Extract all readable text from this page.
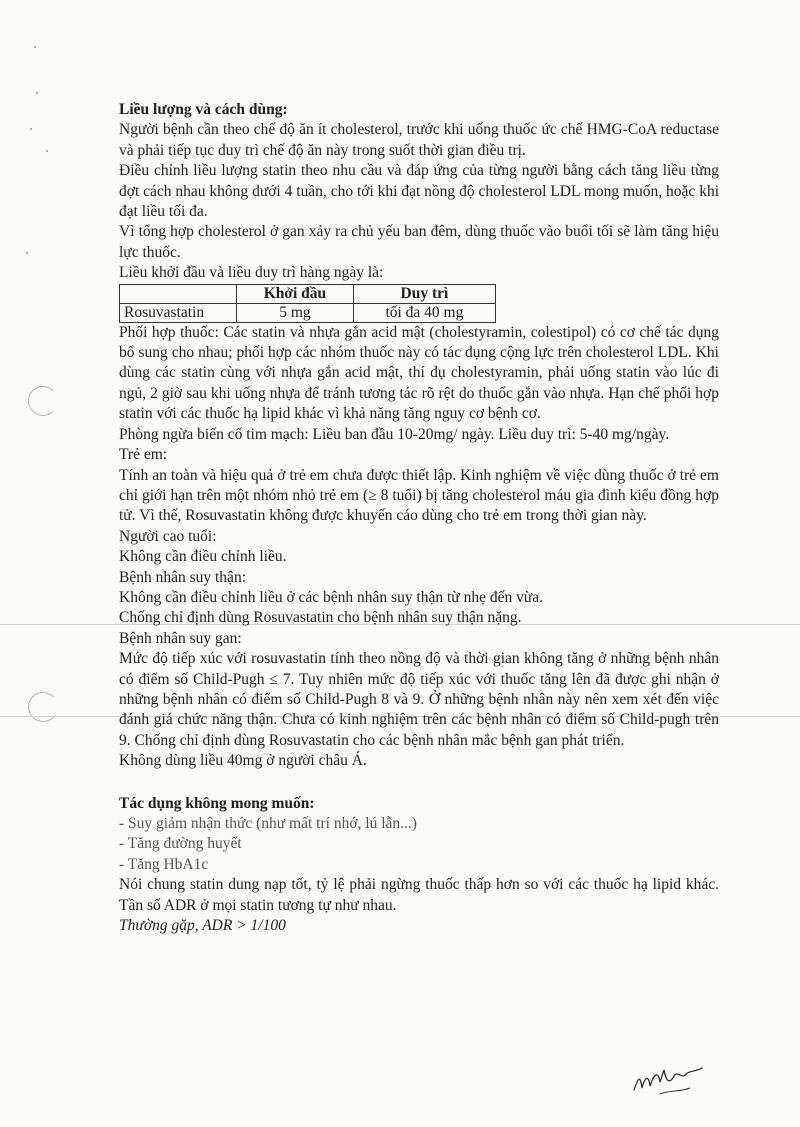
Liều lượng và cách dùng:

Người bệnh cần theo chế độ ăn ít cholesterol, trước khi uống thuốc ức chế HMG-CoA reductase và phải tiếp tục duy trì chế độ ăn này trong suốt thời gian điều trị.

Điều chỉnh liều lượng statin theo nhu cầu và đáp ứng của từng người bằng cách tăng liều từng đợt cách nhau không dưới 4 tuần, cho tới khi đạt nồng độ cholesterol LDL mong muốn, hoặc khi đạt liều tối đa.

Vì tổng hợp cholesterol ở gan xảy ra chủ yếu ban đêm, dùng thuốc vào buổi tối sẽ làm tăng hiệu lực thuốc.

Liều khởi đầu và liều duy trì hàng ngày là:

	Khởi đầu	Duy trì
Rosuvastatin	5 mg	tối đa 40 mg

Phối hợp thuốc: Các statin và nhựa gắn acid mật (cholestyramin, colestipol) có cơ chế tác dụng bổ sung cho nhau; phối hợp các nhóm thuốc này có tác dụng cộng lực trên cholesterol LDL. Khi dùng các statin cùng với nhựa gắn acid mật, thí dụ cholestyramin, phải uống statin vào lúc đi ngủ, 2 giờ sau khi uống nhựa để tránh tương tác rõ rệt do thuốc gắn vào nhựa. Hạn chế phối hợp statin với các thuốc hạ lipid khác vì khả năng tăng nguy cơ bệnh cơ.

Phòng ngừa biến cố tim mạch: Liều ban đầu 10-20mg/ ngày. Liều duy trì: 5-40 mg/ngày.

Trẻ em:

Tính an toàn và hiệu quả ở trẻ em chưa được thiết lập. Kinh nghiệm về việc dùng thuốc ở trẻ em chỉ giới hạn trên một nhóm nhỏ trẻ em (≥ 8 tuổi) bị tăng cholesterol máu gia đình kiểu đồng hợp tử. Vì thế, Rosuvastatin không được khuyến cáo dùng cho trẻ em trong thời gian này.

Người cao tuổi:

Không cần điều chỉnh liều.

Bệnh nhân suy thận:

Không cần điều chỉnh liều ở các bệnh nhân suy thận từ nhẹ đến vừa.

Chống chỉ định dùng Rosuvastatin cho bệnh nhân suy thận nặng.

Bệnh nhân suy gan:

Mức độ tiếp xúc với rosuvastatin tính theo nồng độ và thời gian không tăng ở những bệnh nhân có điểm số Child-Pugh ≤ 7. Tuy nhiên mức độ tiếp xúc với thuốc tăng lên đã được ghi nhận ở những bệnh nhân có điểm số Child-Pugh 8 và 9. Ở những bệnh nhân này nên xem xét đến việc đánh giá chức năng thận. Chưa có kinh nghiệm trên các bệnh nhân có điểm số Child-pugh trên 9. Chống chỉ định dùng Rosuvastatin cho các bệnh nhân mắc bệnh gan phát triển.

Không dùng liều 40mg ở người châu Á.

Tác dụng không mong muốn:

- Suy giảm nhận thức (như mất trí nhớ, lú lẫn...)

- Tăng đường huyết

- Tăng HbA1c

Nói chung statin dung nạp tốt, tỷ lệ phải ngừng thuốc thấp hơn so với các thuốc hạ lipid khác. Tần số ADR ở mọi statin tương tự như nhau.

Thường gặp, ADR > 1/100
